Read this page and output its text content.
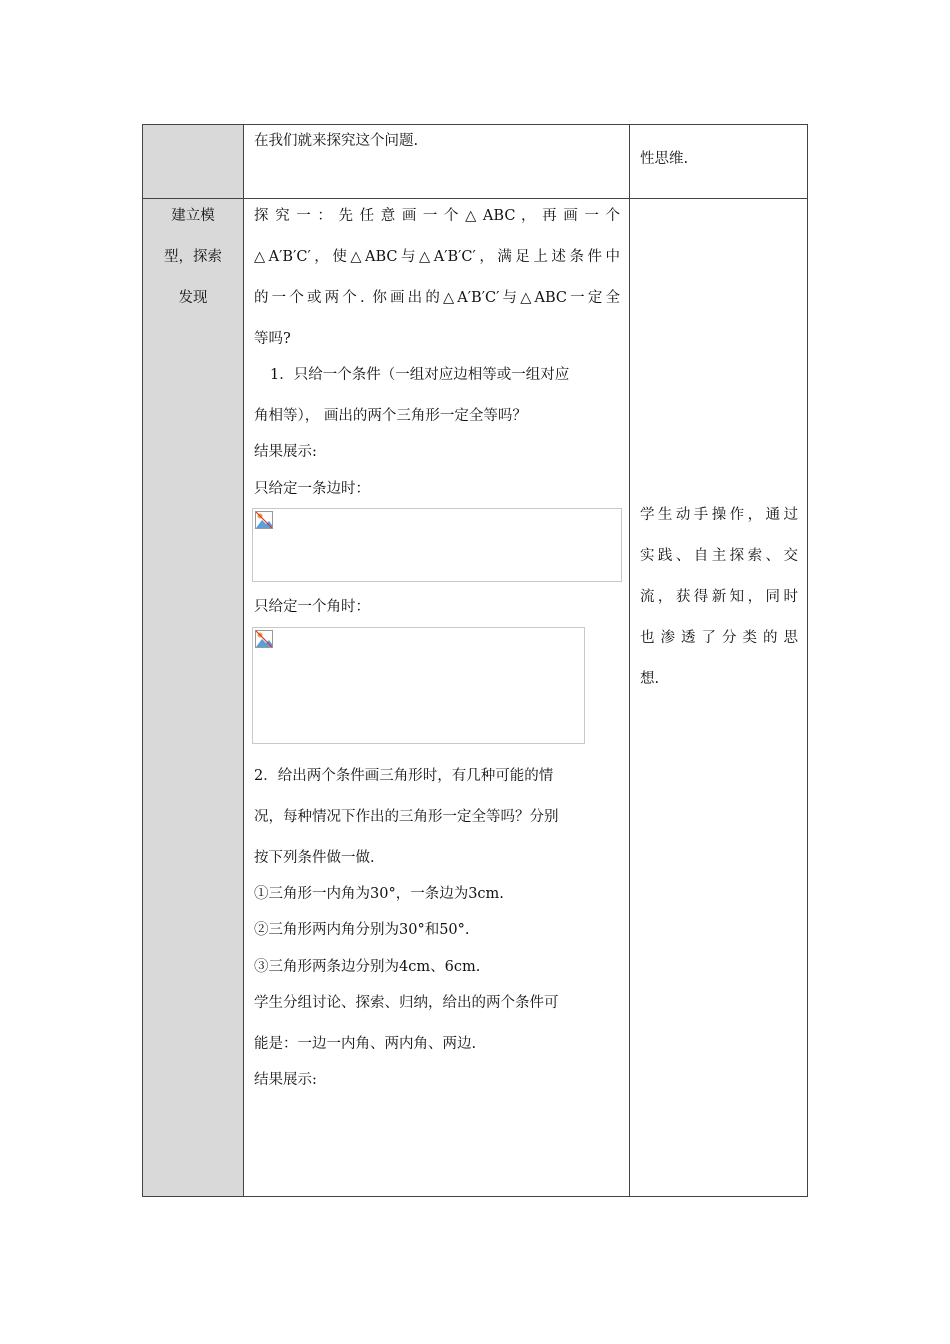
在我们就来探究这个问题.
性思维.
建立模
型，探索
发现
探 究 一 ： 先 任 意 画 一 个 △ ABC ， 再 画 一 个
△A′B′C′，使△ABC与△A′B′C′，满足上述条件中
的一个或两个. 你画出的△A′B′C′与△ABC一定全
等吗?
1．只给一个条件（一组对应边相等或一组对应
角相等）， 画出的两个三角形一定全等吗？
结果展示:
只给定一条边时：
只给定一个角时：
2．给出两个条件画三角形时，有几种可能的情
况，每种情况下作出的三角形一定全等吗？分别
按下列条件做一做.
①三角形一内角为30°，一条边为3cm.
②三角形两内角分别为30°和50°.
③三角形两条边分别为4cm、6cm.
学生分组讨论、探索、归纳，给出的两个条件可
能是：一边一内角、两内角、两边.
结果展示:
学生动手操作，通过
实践、自主探索、交
流，获得新知，同时
也 渗 透 了 分 类 的 思
想.
